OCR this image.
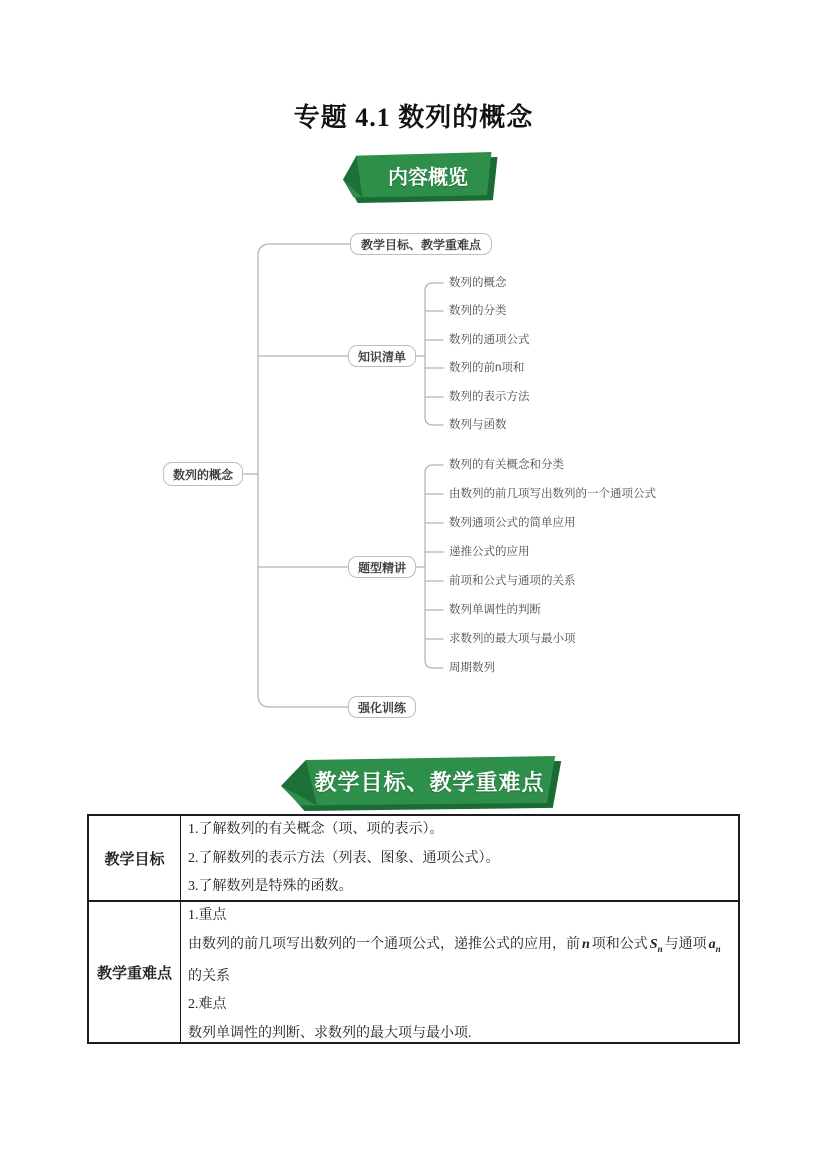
专题 4.1 数列的概念
内容概览
数列的概念
教学目标、教学重难点
知识清单
题型精讲
强化训练
数列的概念
数列的分类
数列的通项公式
数列的前n项和
数列的表示方法
数列与函数
数列的有关概念和分类
由数列的前几项写出数列的一个通项公式
数列通项公式的简单应用
递推公式的应用
前项和公式与通项的关系
数列单调性的判断
求数列的最大项与最小项
周期数列
教学目标、教学重难点
教学目标
1.了解数列的有关概念（项、项的表示）。
2.了解数列的表示方法（列表、图象、通项公式）。
3.了解数列是特殊的函数。
教学重难点
1.重点
由数列的前几项写出数列的一个通项公式，递推公式的应用，前 n 项和公式 $S_n$ 与通项 $a_n$
的关系
2.难点
数列单调性的判断、求数列的最大项与最小项.
